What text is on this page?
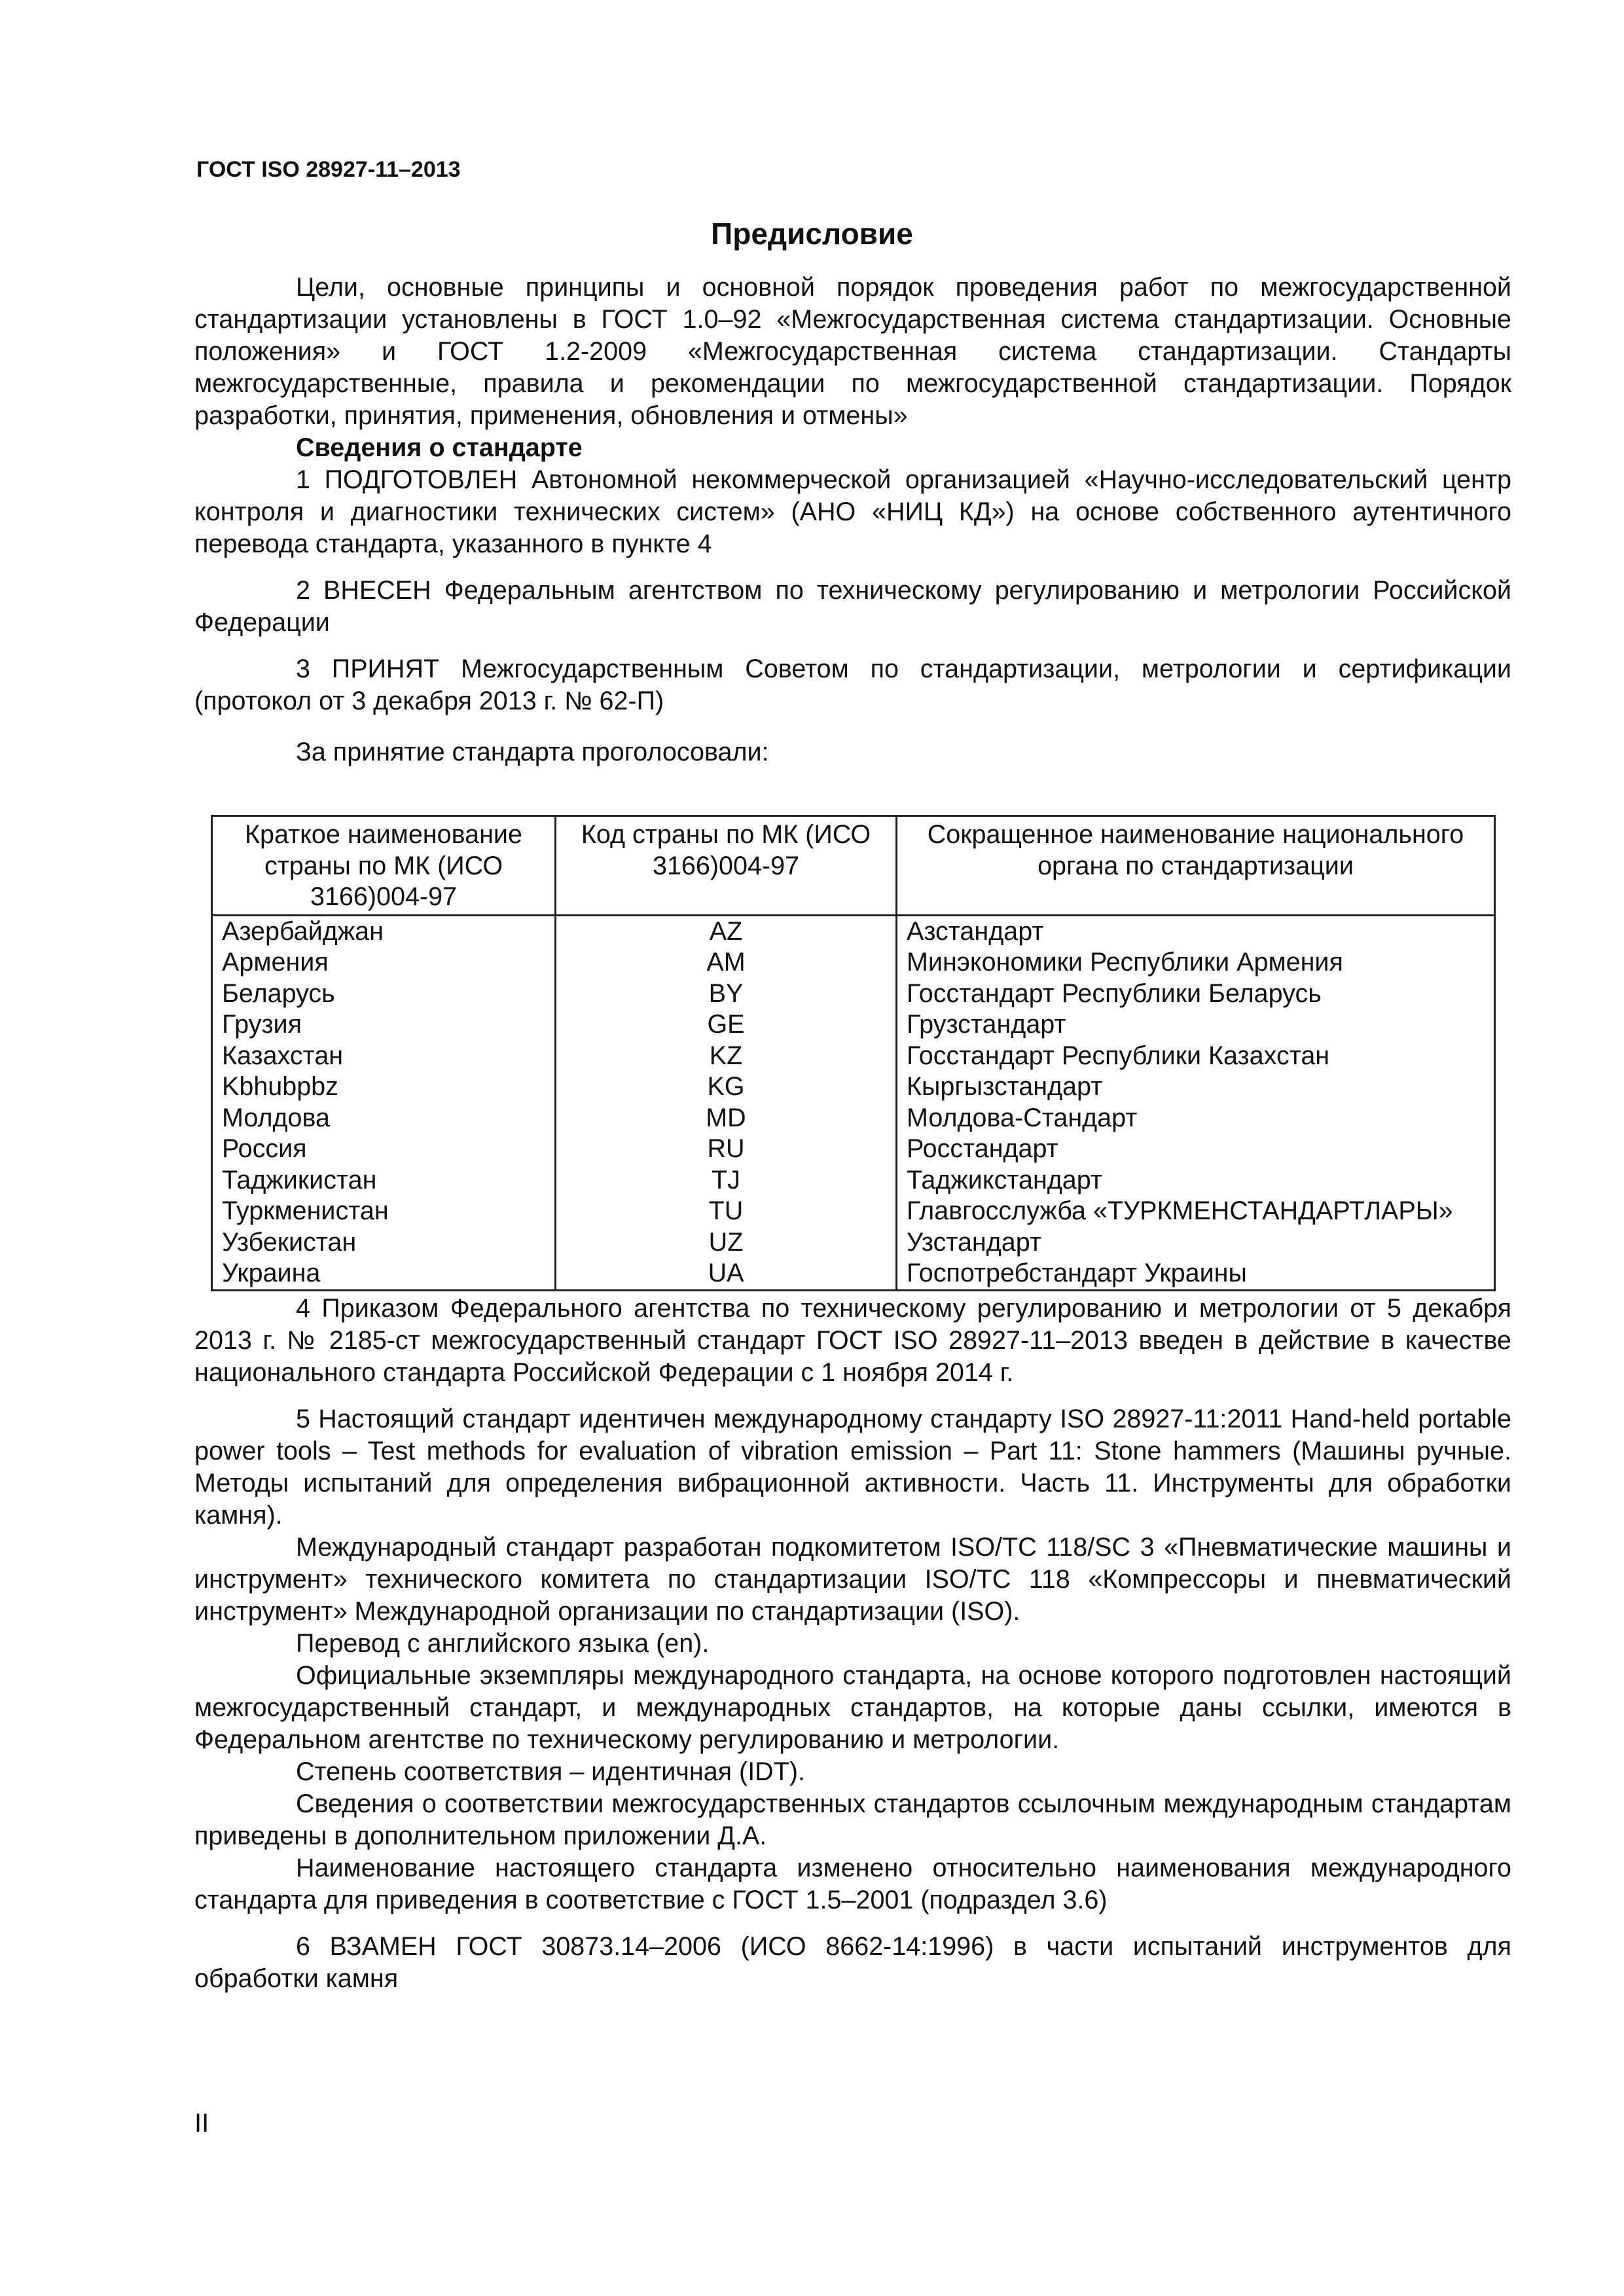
ГОСТ ISO 28927-11–2013
Предисловие

Цели, основные принципы и основной порядок проведения работ по межгосударственной стандартизации установлены в ГОСТ 1.0–92 «Межгосударственная система стандартизации. Основные положения» и ГОСТ 1.2-2009 «Межгосударственная система стандартизации. Стандарты межгосударственные, правила и рекомендации по межгосударственной стандартизации. Порядок разработки, принятия, применения, обновления и отмены»

Сведения о стандарте

1 ПОДГОТОВЛЕН Автономной некоммерческой организацией «Научно-исследовательский центр контроля и диагностики технических систем» (АНО «НИЦ КД») на основе собственного аутентичного перевода стандарта, указанного в пункте 4

2 ВНЕСЕН Федеральным агентством по техническому регулированию и метрологии Российской Федерации

3 ПРИНЯТ Межгосударственным Советом по стандартизации, метрологии и сертификации (протокол от 3 декабря 2013 г. № 62-П)

За принятие стандарта проголосовали:

Краткое наименование страны по МК (ИСО 3166)004-97	Код страны по МК (ИСО 3166)004-97	Сокращенное наименование национального органа по стандартизации
Азербайджан	AZ	Азстандарт
Армения	AM	Минэкономики Республики Армения
Беларусь	BY	Госстандарт Республики Беларусь
Грузия	GE	Грузстандарт
Казахстан	KZ	Госстандарт Республики Казахстан
Kbhubpbz	KG	Кыргызстандарт
Молдова	MD	Молдова-Стандарт
Россия	RU	Росстандарт
Таджикистан	TJ	Таджикстандарт
Туркменистан	TU	Главгосслужба «ТУРКМЕНСТАНДАРТЛАРЫ»
Узбекистан	UZ	Узстандарт
Украина	UA	Госпотребстандарт Украины

4 Приказом Федерального агентства по техническому регулированию и метрологии от 5 декабря 2013 г. № 2185-ст межгосударственный стандарт ГОСТ ISO 28927-11–2013 введен в действие в качестве национального стандарта Российской Федерации с 1 ноября 2014 г.

5 Настоящий стандарт идентичен международному стандарту ISO 28927-11:2011 Hand-held portable power tools – Test methods for evaluation of vibration emission – Part 11: Stone hammers (Машины ручные. Методы испытаний для определения вибрационной активности. Часть 11. Инструменты для обработки камня).

Международный стандарт разработан подкомитетом ISO/TC 118/SC 3 «Пневматические машины и инструмент» технического комитета по стандартизации ISO/TC 118 «Компрессоры и пневматический инструмент» Международной организации по стандартизации (ISO).

Перевод с английского языка (en).

Официальные экземпляры международного стандарта, на основе которого подготовлен настоящий межгосударственный стандарт, и международных стандартов, на которые даны ссылки, имеются в Федеральном агентстве по техническому регулированию и метрологии.

Степень соответствия – идентичная (IDT).

Сведения о соответствии межгосударственных стандартов ссылочным международным стандартам приведены в дополнительном приложении Д.А.

Наименование настоящего стандарта изменено относительно наименования международного стандарта для приведения в соответствие с ГОСТ 1.5–2001 (подраздел 3.6)

6 ВЗАМЕН ГОСТ 30873.14–2006 (ИСО 8662-14:1996) в части испытаний инструментов для обработки камня

II
